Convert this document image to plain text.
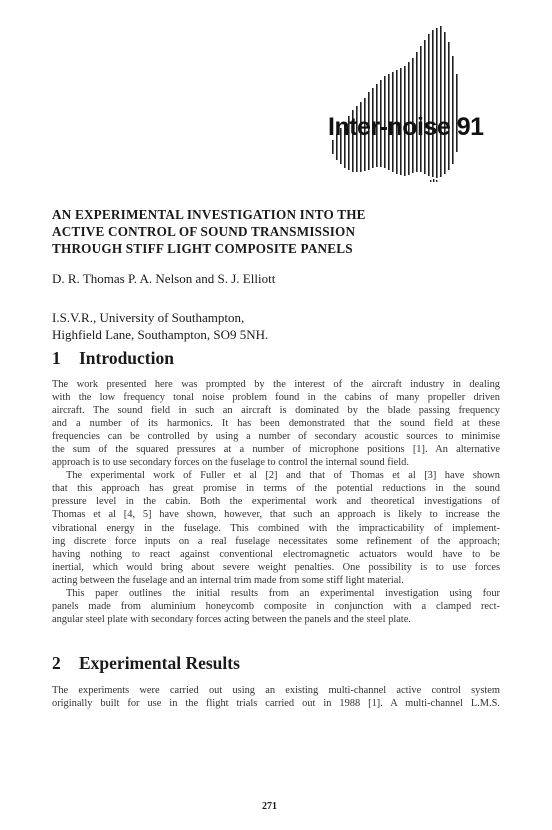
Inter-noise 91
AN EXPERIMENTAL INVESTIGATION INTO THE
ACTIVE CONTROL OF SOUND TRANSMISSION
THROUGH STIFF LIGHT COMPOSITE PANELS
D. R. Thomas P. A. Nelson and S. J. Elliott
I.S.V.R., University of Southampton,
Highfield Lane, Southampton, SO9 5NH.
1 Introduction
The work presented here was prompted by the interest of the aircraft industry in dealing
with the low frequency tonal noise problem found in the cabins of many propeller driven
aircraft. The sound field in such an aircraft is dominated by the blade passing frequency
and a number of its harmonics. It has been demonstrated that the sound field at these
frequencies can be controlled by using a number of secondary acoustic sources to minimise
the sum of the squared pressures at a number of microphone positions [1]. An alternative
approach is to use secondary forces on the fuselage to control the internal sound field.
The experimental work of Fuller et al [2] and that of Thomas et al [3] have shown
that this approach has great promise in terms of the potential reductions in the sound
pressure level in the cabin. Both the experimental work and theoretical investigations of
Thomas et al [4, 5] have shown, however, that such an approach is likely to increase the
vibrational energy in the fuselage. This combined with the impracticability of implement-
ing discrete force inputs on a real fuselage necessitates some refinement of the approach;
having nothing to react against conventional electromagnetic actuators would have to be
inertial, which would bring about severe weight penalties. One possibility is to use forces
acting between the fuselage and an internal trim made from some stiff light material.
This paper outlines the initial results from an experimental investigation using four
panels made from aluminium honeycomb composite in conjunction with a clamped rect-
angular steel plate with secondary forces acting between the panels and the steel plate.
2 Experimental Results
The experiments were carried out using an existing multi-channel active control system
originally built for use in the flight trials carried out in 1988 [1]. A multi-channel L.M.S.
271
